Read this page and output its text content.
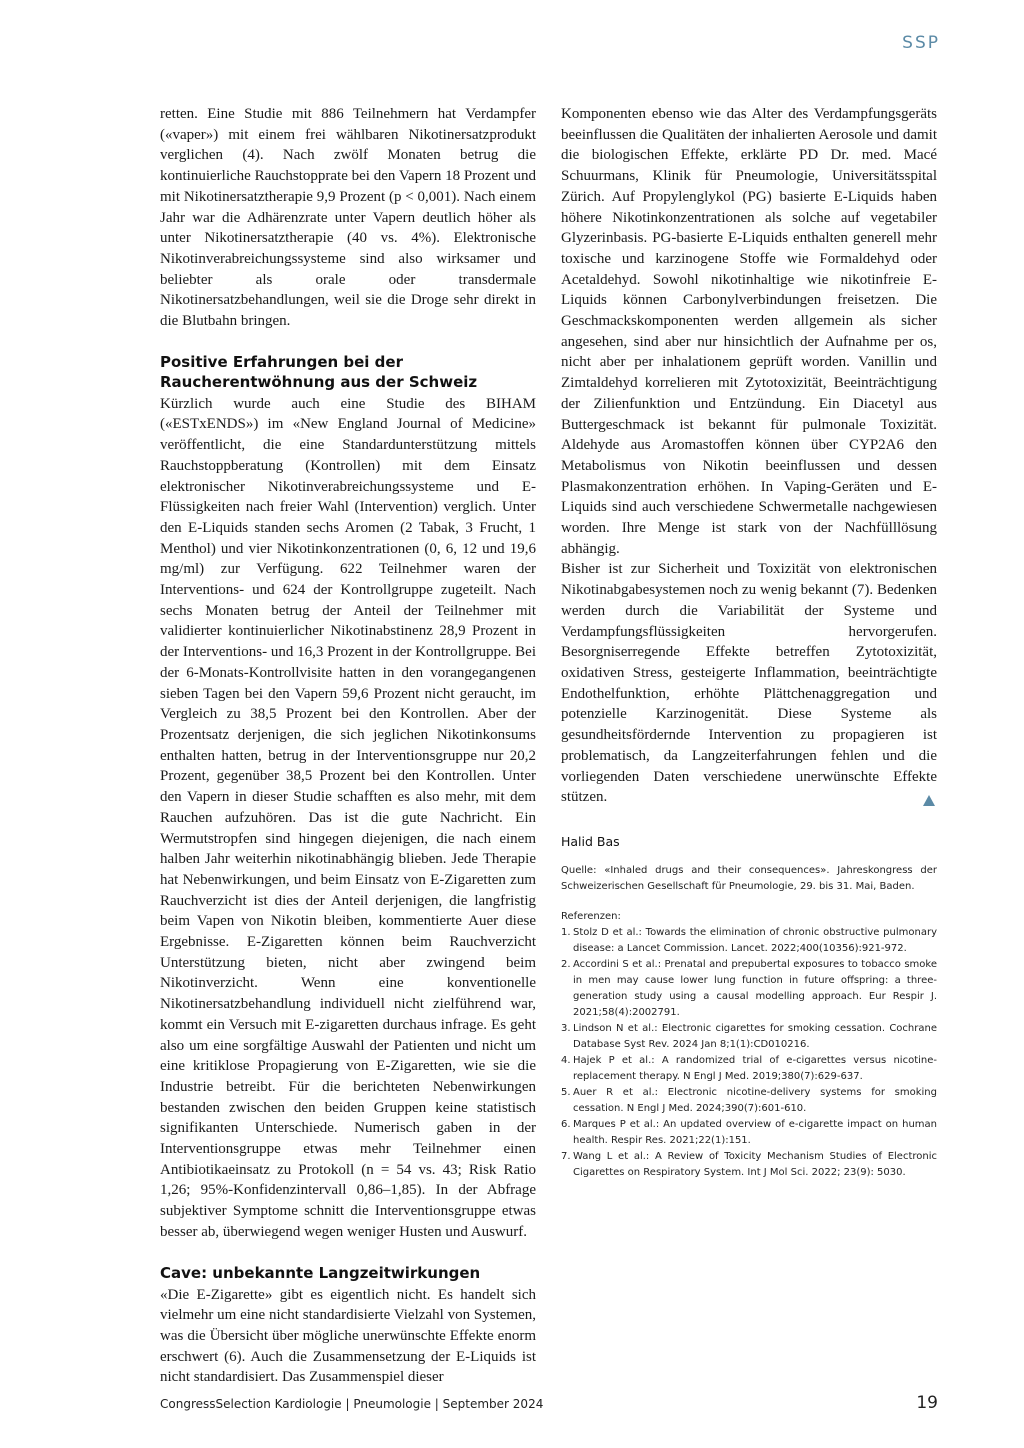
SSP

retten. Eine Studie mit 886 Teilnehmern hat Verdampfer («vaper») mit einem frei wählbaren Nikotinersatzprodukt verglichen (4). Nach zwölf Monaten betrug die kontinuierliche Rauchstopprate bei den Vapern 18 Prozent und mit Nikotinersatztherapie 9,9 Prozent (p < 0,001). Nach einem Jahr war die Adhärenzrate unter Vapern deutlich höher als unter Nikotinersatztherapie (40 vs. 4%). Elektronische Nikotinverabreichungssysteme sind also wirksamer und beliebter als orale oder transdermale Nikotinersatzbehandlungen, weil sie die Droge sehr direkt in die Blutbahn bringen.

Positive Erfahrungen bei der Raucherentwöhnung aus der Schweiz

Kürzlich wurde auch eine Studie des BIHAM («ESTxENDS») im «New England Journal of Medicine» veröffentlicht, die eine Standardunterstützung mittels Rauchstoppberatung (Kontrollen) mit dem Einsatz elektronischer Nikotinverabreichungssysteme und E-Flüssigkeiten nach freier Wahl (Intervention) verglich. Unter den E-Liquids standen sechs Aromen (2 Tabak, 3 Frucht, 1 Menthol) und vier Nikotinkonzentrationen (0, 6, 12 und 19,6 mg/ml) zur Verfügung. 622 Teilnehmer waren der Interventions- und 624 der Kontrollgruppe zugeteilt. Nach sechs Monaten betrug der Anteil der Teilnehmer mit validierter kontinuierlicher Nikotinabstinenz 28,9 Prozent in der Interventions- und 16,3 Prozent in der Kontrollgruppe. Bei der 6-Monats-Kontrollvisite hatten in den vorangegangenen sieben Tagen bei den Vapern 59,6 Prozent nicht geraucht, im Vergleich zu 38,5 Prozent bei den Kontrollen. Aber der Prozentsatz derjenigen, die sich jeglichen Nikotinkonsums enthalten hatten, betrug in der Interventionsgruppe nur 20,2 Prozent, gegenüber 38,5 Prozent bei den Kontrollen. Unter den Vapern in dieser Studie schafften es also mehr, mit dem Rauchen aufzuhören. Das ist die gute Nachricht. Ein Wermutstropfen sind hingegen diejenigen, die nach einem halben Jahr weiterhin nikotinabhängig blieben. Jede Therapie hat Nebenwirkungen, und beim Einsatz von E-Zigaretten zum Rauchverzicht ist dies der Anteil derjenigen, die langfristig beim Vapen von Nikotin bleiben, kommentierte Auer diese Ergebnisse. E-Zigaretten können beim Rauchverzicht Unterstützung bieten, nicht aber zwingend beim Nikotinverzicht. Wenn eine konventionelle Nikotinersatzbehandlung individuell nicht zielführend war, kommt ein Versuch mit E-zigaretten durchaus infrage. Es geht also um eine sorgfältige Auswahl der Patienten und nicht um eine kritiklose Propagierung von E-Zigaretten, wie sie die Industrie betreibt. Für die berichteten Nebenwirkungen bestanden zwischen den beiden Gruppen keine statistisch signifikanten Unterschiede. Numerisch gaben in der Interventionsgruppe etwas mehr Teilnehmer einen Antibiotikaeinsatz zu Protokoll (n = 54 vs. 43; Risk Ratio 1,26; 95%-Konfidenzintervall 0,86–1,85). In der Abfrage subjektiver Symptome schnitt die Interventionsgruppe etwas besser ab, überwiegend wegen weniger Husten und Auswurf.

Cave: unbekannte Langzeitwirkungen

«Die E-Zigarette» gibt es eigentlich nicht. Es handelt sich vielmehr um eine nicht standardisierte Vielzahl von Systemen, was die Übersicht über mögliche unerwünschte Effekte enorm erschwert (6). Auch die Zusammensetzung der E-Liquids ist nicht standardisiert. Das Zusammenspiel dieser

Komponenten ebenso wie das Alter des Verdampfungsgeräts beeinflussen die Qualitäten der inhalierten Aerosole und damit die biologischen Effekte, erklärte PD Dr. med. Macé Schuurmans, Klinik für Pneumologie, Universitätsspital Zürich. Auf Propylenglykol (PG) basierte E-Liquids haben höhere Nikotinkonzentrationen als solche auf vegetabiler Glyzerinbasis. PG-basierte E-Liquids enthalten generell mehr toxische und karzinogene Stoffe wie Formaldehyd oder Acetaldehyd. Sowohl nikotinhaltige wie nikotinfreie E-Liquids können Carbonylverbindungen freisetzen. Die Geschmackskomponenten werden allgemein als sicher angesehen, sind aber nur hinsichtlich der Aufnahme per os, nicht aber per inhalationem geprüft worden. Vanillin und Zimtaldehyd korrelieren mit Zytotoxizität, Beeinträchtigung der Zilienfunktion und Entzündung. Ein Diacetyl aus Buttergeschmack ist bekannt für pulmonale Toxizität. Aldehyde aus Aromastoffen können über CYP2A6 den Metabolismus von Nikotin beeinflussen und dessen Plasmakonzentration erhöhen. In Vaping-Geräten und E-Liquids sind auch verschiedene Schwermetalle nachgewiesen worden. Ihre Menge ist stark von der Nachfülllösung abhängig.

Bisher ist zur Sicherheit und Toxizität von elektronischen Nikotinabgabesystemen noch zu wenig bekannt (7). Bedenken werden durch die Variabilität der Systeme und Verdampfungsflüssigkeiten hervorgerufen. Besorgniserregende Effekte betreffen Zytotoxizität, oxidativen Stress, gesteigerte Inflammation, beeinträchtigte Endothelfunktion, erhöhte Plättchenaggregation und potenzielle Karzinogenität. Diese Systeme als gesundheitsfördernde Intervention zu propagieren ist problematisch, da Langzeiterfahrungen fehlen und die vorliegenden Daten verschiedene unerwünschte Effekte stützen.

Halid Bas
Quelle: «Inhaled drugs and their consequences». Jahreskongress der Schweizerischen Gesellschaft für Pneumologie, 29. bis 31. Mai, Baden.
Referenzen:
1. Stolz D et al.: Towards the elimination of chronic obstructive pulmonary disease: a Lancet Commission. Lancet. 2022;400(10356):921-972.
2. Accordini S et al.: Prenatal and prepubertal exposures to tobacco smoke in men may cause lower lung function in future offspring: a three-generation study using a causal modelling approach. Eur Respir J. 2021;58(4):2002791.
3. Lindson N et al.: Electronic cigarettes for smoking cessation. Cochrane Database Syst Rev. 2024 Jan 8;1(1):CD010216.
4. Hajek P et al.: A randomized trial of e-cigarettes versus nicotine-replacement therapy. N Engl J Med. 2019;380(7):629-637.
5. Auer R et al.: Electronic nicotine-delivery systems for smoking cessation. N Engl J Med. 2024;390(7):601-610.
6. Marques P et al.: An updated overview of e-cigarette impact on human health. Respir Res. 2021;22(1):151.
7. Wang L et al.: A Review of Toxicity Mechanism Studies of Electronic Cigarettes on Respiratory System. Int J Mol Sci. 2022; 23(9): 5030.
CongressSelection Kardiologie | Pneumologie | September 2024	19
